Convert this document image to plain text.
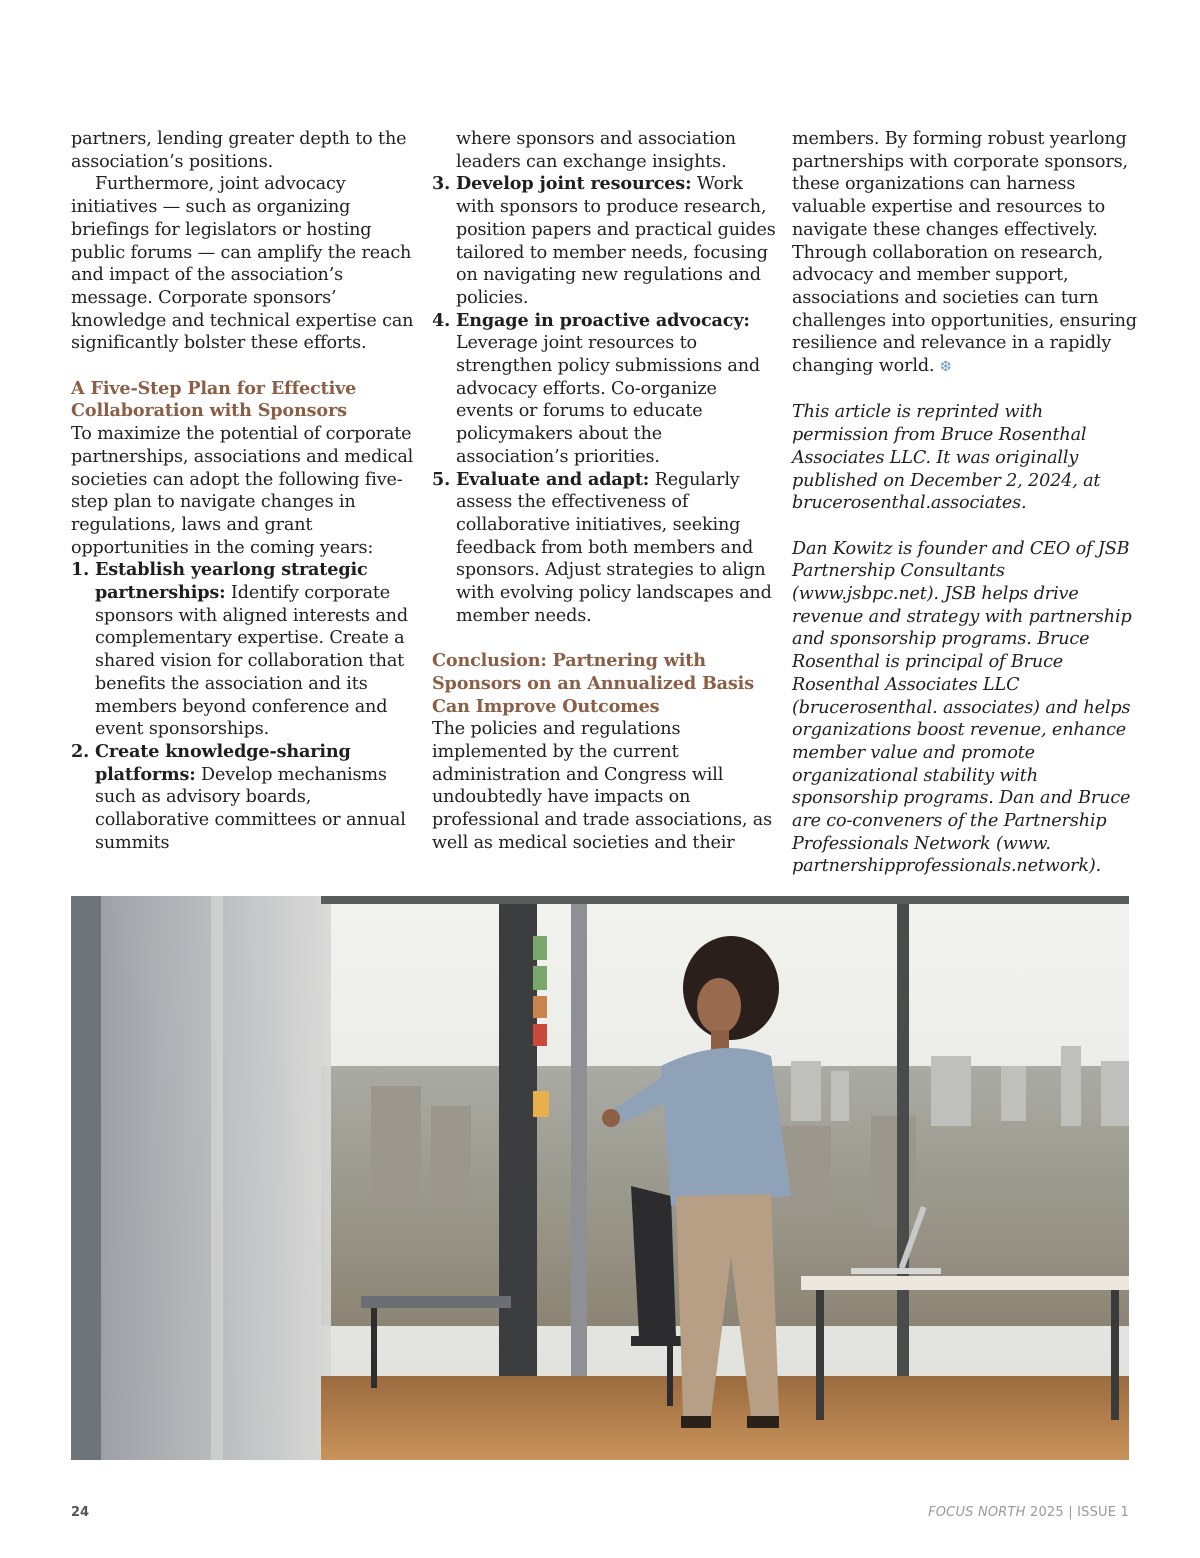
partners, lending greater depth to the association’s positions.

Furthermore, joint advocacy initiatives — such as organizing briefings for legislators or hosting public forums — can amplify the reach and impact of the association’s message. Corporate sponsors’ knowledge and technical expertise can significantly bolster these efforts.

A Five-Step Plan for Effective Collaboration with Sponsors

To maximize the potential of corporate partnerships, associations and medical societies can adopt the following five-step plan to navigate changes in regulations, laws and grant opportunities in the coming years:

1. Establish yearlong strategic partnerships: Identify corporate sponsors with aligned interests and complementary expertise. Create a shared vision for collaboration that benefits the association and its members beyond conference and event sponsorships.
2. Create knowledge-sharing platforms: Develop mechanisms such as advisory boards, collaborative committees or annual summits

where sponsors and association leaders can exchange insights.

3. Develop joint resources: Work with sponsors to produce research, position papers and practical guides tailored to member needs, focusing on navigating new regulations and policies.
4. Engage in proactive advocacy: Leverage joint resources to strengthen policy submissions and advocacy efforts. Co-organize events or forums to educate policymakers about the association’s priorities.
5. Evaluate and adapt: Regularly assess the effectiveness of collaborative initiatives, seeking feedback from both members and sponsors. Adjust strategies to align with evolving policy landscapes and member needs.

Conclusion: Partnering with Sponsors on an Annualized Basis Can Improve Outcomes

The policies and regulations implemented by the current administration and Congress will undoubtedly have impacts on professional and trade associations, as well as medical societies and their

members. By forming robust yearlong partnerships with corporate sponsors, these organizations can harness valuable expertise and resources to navigate these changes effectively. Through collaboration on research, advocacy and member support, associations and societies can turn challenges into opportunities, ensuring resilience and relevance in a rapidly changing world. ❆

This article is reprinted with permission from Bruce Rosenthal Associates LLC. It was originally published on December 2, 2024, at brucerosenthal.associates.

Dan Kowitz is founder and CEO of JSB Partnership Consultants (www.jsbpc.net). JSB helps drive revenue and strategy with partnership and sponsorship programs. Bruce Rosenthal is principal of Bruce Rosenthal Associates LLC (brucerosenthal. associates) and helps organizations boost revenue, enhance member value and promote organizational stability with sponsorship programs. Dan and Bruce are co-conveners of the Partnership Professionals Network (www. partnershipprofessionals.network).

24	FOCUS NORTH 2025 | ISSUE 1
